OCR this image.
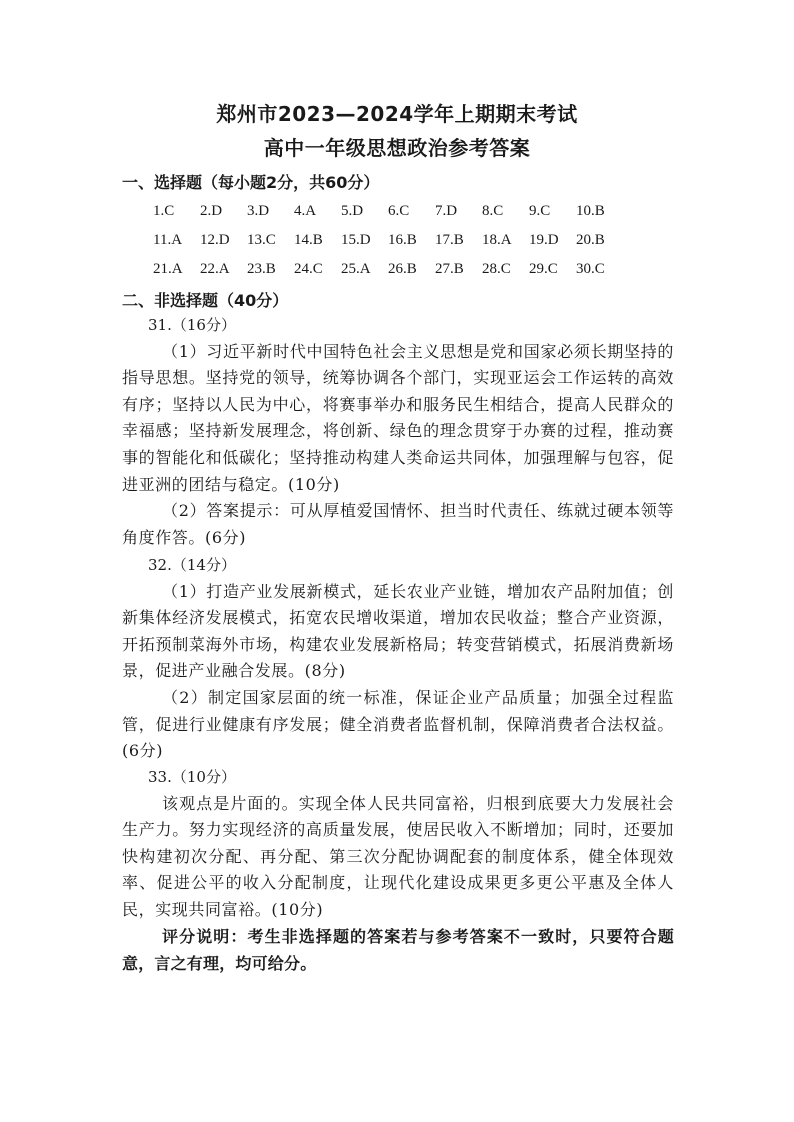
郑州市2023—2024学年上期期末考试
高中一年级思想政治参考答案
一、选择题（每小题2分，共60分）
1.C	2.D	3.D	4.A	5.D	6.C	7.D	8.C	9.C	10.B
11.A	12.D	13.C	14.B	15.D	16.B	17.B	18.A	19.D	20.B
21.A	22.A	23.B	24.C	25.A	26.B	27.B	28.C	29.C	30.C
二、非选择题（40分）
31.（16分）

（1）习近平新时代中国特色社会主义思想是党和国家必须长期坚持的指导思想。坚持党的领导，统筹协调各个部门，实现亚运会工作运转的高效有序；坚持以人民为中心，将赛事举办和服务民生相结合，提高人民群众的幸福感；坚持新发展理念，将创新、绿色的理念贯穿于办赛的过程，推动赛事的智能化和低碳化；坚持推动构建人类命运共同体，加强理解与包容，促进亚洲的团结与稳定。(10分)

（2）答案提示：可从厚植爱国情怀、担当时代责任、练就过硬本领等角度作答。(6分)

32.（14分）

（1）打造产业发展新模式，延长农业产业链，增加农产品附加值；创新集体经济发展模式，拓宽农民增收渠道，增加农民收益；整合产业资源，开拓预制菜海外市场，构建农业发展新格局；转变营销模式，拓展消费新场景，促进产业融合发展。(8分)

（2）制定国家层面的统一标准，保证企业产品质量；加强全过程监管，促进行业健康有序发展；健全消费者监督机制，保障消费者合法权益。(6分)

33.（10分）

该观点是片面的。实现全体人民共同富裕，归根到底要大力发展社会生产力。努力实现经济的高质量发展，使居民收入不断增加；同时，还要加快构建初次分配、再分配、第三次分配协调配套的制度体系，健全体现效率、促进公平的收入分配制度，让现代化建设成果更多更公平惠及全体人民，实现共同富裕。(10分)

评分说明：考生非选择题的答案若与参考答案不一致时，只要符合题意，言之有理，均可给分。
